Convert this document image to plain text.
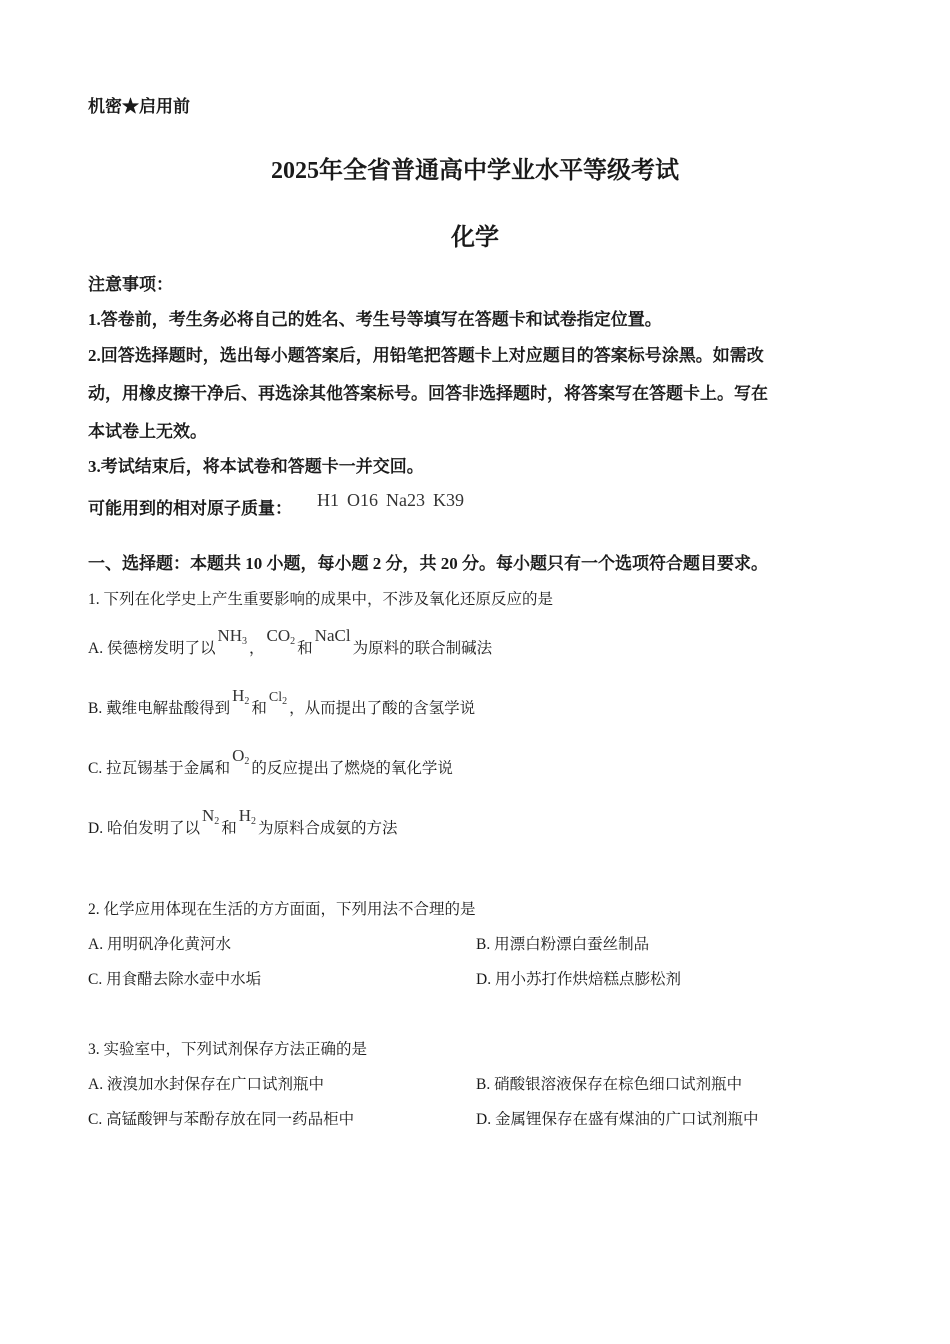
机密★启用前
2025年全省普通高中学业水平等级考试
化学
注意事项：
1.答卷前，考生务必将自己的姓名、考生号等填写在答题卡和试卷指定位置。
2.回答选择题时，选出每小题答案后，用铅笔把答题卡上对应题目的答案标号涂黑。如需改
动，用橡皮擦干净后、再选涂其他答案标号。回答非选择题时，将答案写在答题卡上。写在
本试卷上无效。
3.考试结束后，将本试卷和答题卡一并交回。
可能用到的相对原子质量： H1 O16 Na23 K39
一、选择题：本题共 10 小题，每小题 2 分，共 20 分。每小题只有一个选项符合题目要求。
1. 下列在化学史上产生重要影响的成果中，不涉及氧化还原反应的是
A. 侯德榜发明了以$NH_3$ ，$CO_2$ 和NaCl为原料的联合制碱法
B. 戴维电解盐酸得到$H_2$ 和$Cl_2$ ，从而提出了酸的含氢学说
C. 拉瓦锡基于金属和$O_2$ 的反应提出了燃烧的氧化学说
D. 哈伯发明了以$N_2$ 和$H_2$ 为原料合成氨的方法
2. 化学应用体现在生活的方方面面，下列用法不合理的是
A. 用明矾净化黄河水	B. 用漂白粉漂白蚕丝制品
C. 用食醋去除水壶中水垢	D. 用小苏打作烘焙糕点膨松剂
3. 实验室中，下列试剂保存方法正确的是
A. 液溴加水封保存在广口试剂瓶中	B. 硝酸银溶液保存在棕色细口试剂瓶中
C. 高锰酸钾与苯酚存放在同一药品柜中	D. 金属锂保存在盛有煤油的广口试剂瓶中
